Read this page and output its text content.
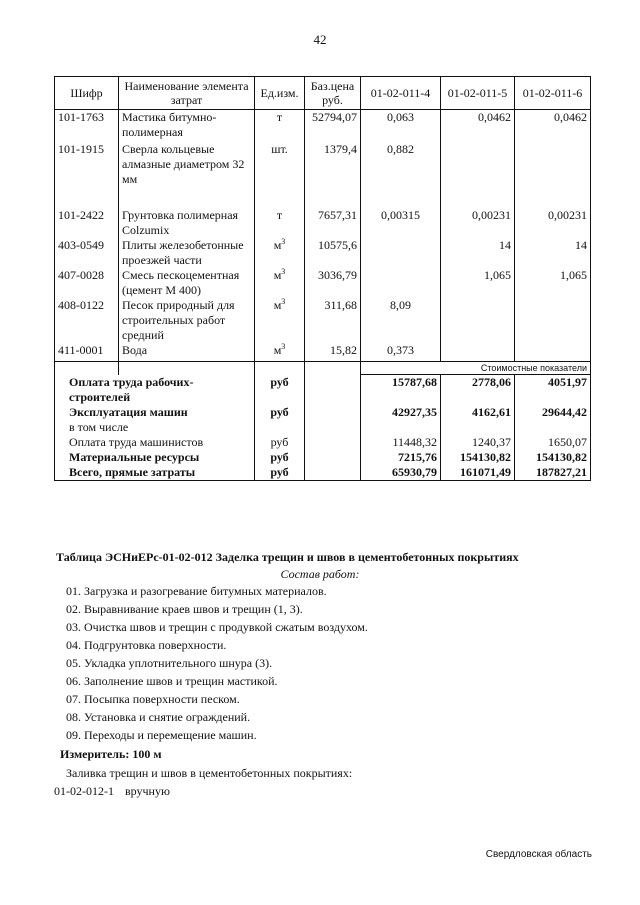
42
Шифр	Наименование элемента затрат	Ед.изм.	Баз.цена руб.	01-02-011-4	01-02-011-5	01-02-011-6
101-1763	Мастика битумно-полимерная	т	52794,07	0,063	0,0462	0,0462
101-1915	Сверла кольцевые алмазные диаметром 32 мм	шт.	1379,4	0,882		
101-2422	Грунтовка полимерная Colzumix	т	7657,31	0,00315	0,00231	0,00231
403-0549	Плиты железобетонные проезжей части	$м^3$	10575,6		14	14
407-0028	Смесь пескоцементная (цемент М 400)	$м^3$	3036,79		1,065	1,065
408-0122	Песок природный для строительных работ средний	$м^3$	311,68	8,09		
411-0001	Вода	$м^3$	15,82	0,373		
				Стоимостные показатели		
Оплата труда рабочих-строителей		руб		15787,68	2778,06	4051,97
Эксплуатация машин		руб		42927,35	4162,61	29644,42
в том числе						
Оплата труда машинистов		руб		11448,32	1240,37	1650,07
Материальные ресурсы		руб		7215,76	154130,82	154130,82
Всего, прямые затраты		руб		65930,79	161071,49	187827,21
Таблица ЭСНиЕРс-01-02-012 Заделка трещин и швов в цементобетонных покрытиях
Состав работ:
01. Загрузка и разогревание битумных материалов.
02. Выравнивание краев швов и трещин (1, 3).
03. Очистка швов и трещин с продувкой сжатым воздухом.
04. Подгрунтовка поверхности.
05. Укладка уплотнительного шнура (3).
06. Заполнение швов и трещин мастикой.
07. Посыпка поверхности песком.
08. Установка и снятие ограждений.
09. Переходы и перемещение машин.
Измеритель: 100 м
Заливка трещин и швов в цементобетонных покрытиях:
01-02-012-1 вручную
Свердловская область
